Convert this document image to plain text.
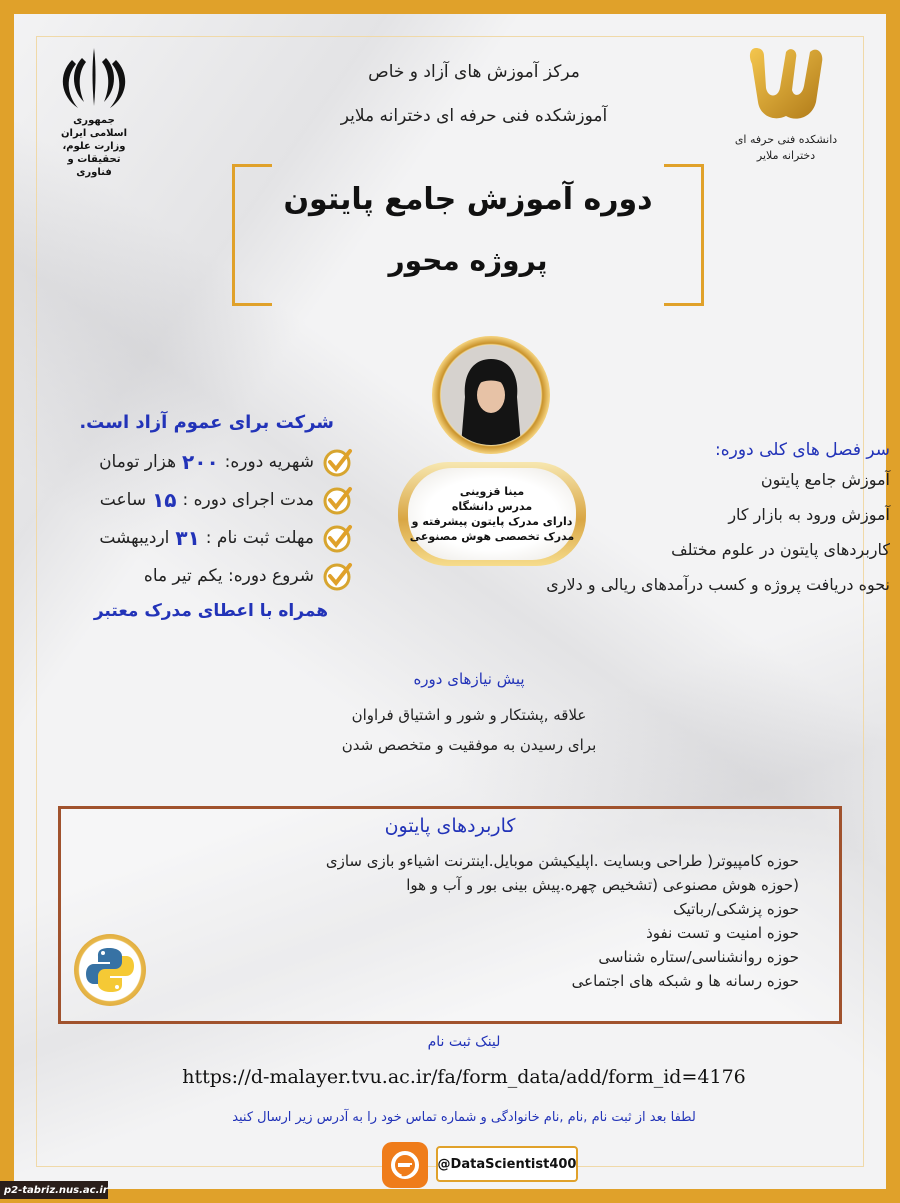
جمهوری اسلامی ایران
وزارت علوم، تحقیقات و فناوری
دانشکده فنی حرفه ای
دخترانه ملایر
مرکز آموزش های آزاد و خاص
آموزشکده فنی حرفه ای دخترانه ملایر
دوره آموزش جامع پایتون
پروژه محور
مینا قزوینی
مدرس دانشگاه
دارای مدرک پایتون پیشرفته و
مدرک تخصصی هوش مصنوعی
شرکت برای عموم آزاد است.
شهریه دوره:
۲۰۰
هزار تومان
مدت اجرای دوره :
۱۵
ساعت
مهلت ثبت نام :
۳۱
اردیبهشت
شروع دوره: یکم تیر ماه
همراه با اعطای مدرک معتبر
سر فصل های کلی دوره:
آموزش جامع پایتون
آموزش ورود به بازار کار
کاربردهای پایتون در علوم مختلف
نحوه دریافت پروژه و کسب درآمدهای ریالی و دلاری
پیش نیازهای دوره
علاقه ,پشتکار و شور و اشتیاق فراوان
برای رسیدن به موفقیت و متخصص شدن
کاربردهای پایتون
حوزه کامپیوتر( طراحی وبسایت .اپلیکیشن موبایل.اینترنت اشیاءو بازی سازی
(حوزه هوش مصنوعی (تشخیص چهره.پیش بینی بور و آب و هوا
حوزه پزشکی/رباتیک
حوزه امنیت و تست نفوذ
حوزه روانشناسی/ستاره شناسی
حوزه رسانه ها و شبکه های اجتماعی
لینک ثبت نام
https://d-malayer.tvu.ac.ir/fa/form_data/add/form_id=4176
لطفا بعد از ثبت نام ,نام ,نام خانوادگی و شماره تماس خود را به آدرس زیر ارسال کنید
@DataScientist400
p2-tabriz.nus.ac.ir
